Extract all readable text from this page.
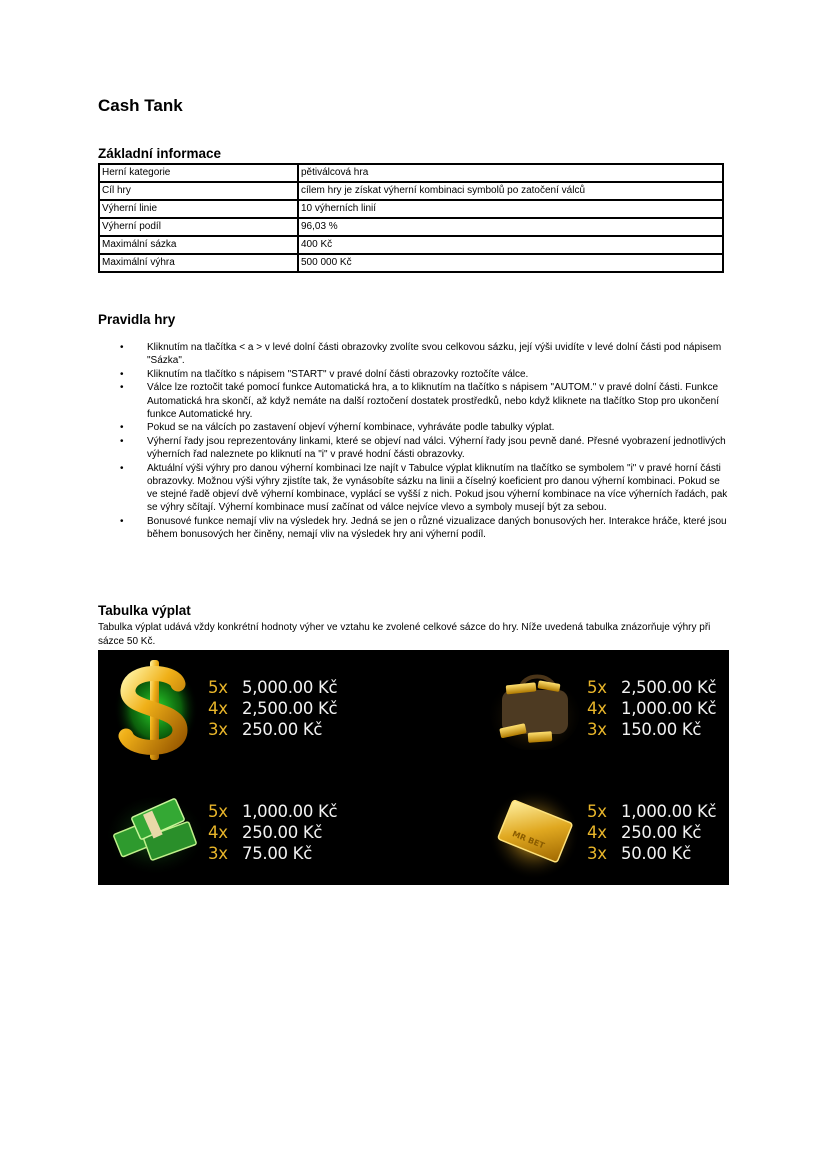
Cash Tank
Základní informace
Herní kategorie	pětiválcová hra
Cíl hry	cílem hry je získat výherní kombinaci symbolů po zatočení válců
Výherní linie	10 výherních linií
Výherní podíl	96,03 %
Maximální sázka	400 Kč
Maximální výhra	500 000 Kč
Pravidla hry
• Kliknutím na tlačítka < a > v levé dolní části obrazovky zvolíte svou celkovou sázku, její výši uvidíte v levé dolní části pod nápisem "Sázka".
• Kliknutím na tlačítko s nápisem "START" v pravé dolní části obrazovky roztočíte válce.
• Válce lze roztočit také pomocí funkce Automatická hra, a to kliknutím na tlačítko s nápisem "AUTOM." v pravé dolní části. Funkce Automatická hra skončí, až když nemáte na další roztočení dostatek prostředků, nebo když kliknete na tlačítko Stop pro ukončení funkce Automatické hry.
• Pokud se na válcích po zastavení objeví výherní kombinace, vyhráváte podle tabulky výplat.
• Výherní řady jsou reprezentovány linkami, které se objeví nad válci. Výherní řady jsou pevně dané. Přesné vyobrazení jednotlivých výherních řad naleznete po kliknutí na "i" v pravé hodní části obrazovky.
• Aktuální výši výhry pro danou výherní kombinaci lze najít v Tabulce výplat kliknutím na tlačítko se symbolem "i" v pravé horní části obrazovky. Možnou výši výhry zjistíte tak, že vynásobíte sázku na linii a číselný koeficient pro danou výherní kombinaci. Pokud se ve stejné řadě objeví dvě výherní kombinace, vyplácí se vyšší z nich. Pokud jsou výherní kombinace na více výherních řadách, pak se výhry sčítají. Výherní kombinace musí začínat od válce nejvíce vlevo a symboly musejí být za sebou.
• Bonusové funkce nemají vliv na výsledek hry. Jedná se jen o různé vizualizace daných bonusových her. Interakce hráče, které jsou během bonusových her činěny, nemají vliv na výsledek hry ani výherní podíl.
Tabulka výplat

Tabulka výplat udává vždy konkrétní hodnoty výher ve vztahu ke zvolené celkové sázce do hry. Níže uvedená tabulka znázorňuje výhry při sázce 50 Kč.

5x 5,000.00 Kč
4x 2,500.00 Kč
3x 250.00 Kč
5x 2,500.00 Kč
4x 1,000.00 Kč
3x 150.00 Kč
5x 1,000.00 Kč
4x 250.00 Kč
3x 75.00 Kč
MR BET
5x 1,000.00 Kč
4x 250.00 Kč
3x 50.00 Kč
